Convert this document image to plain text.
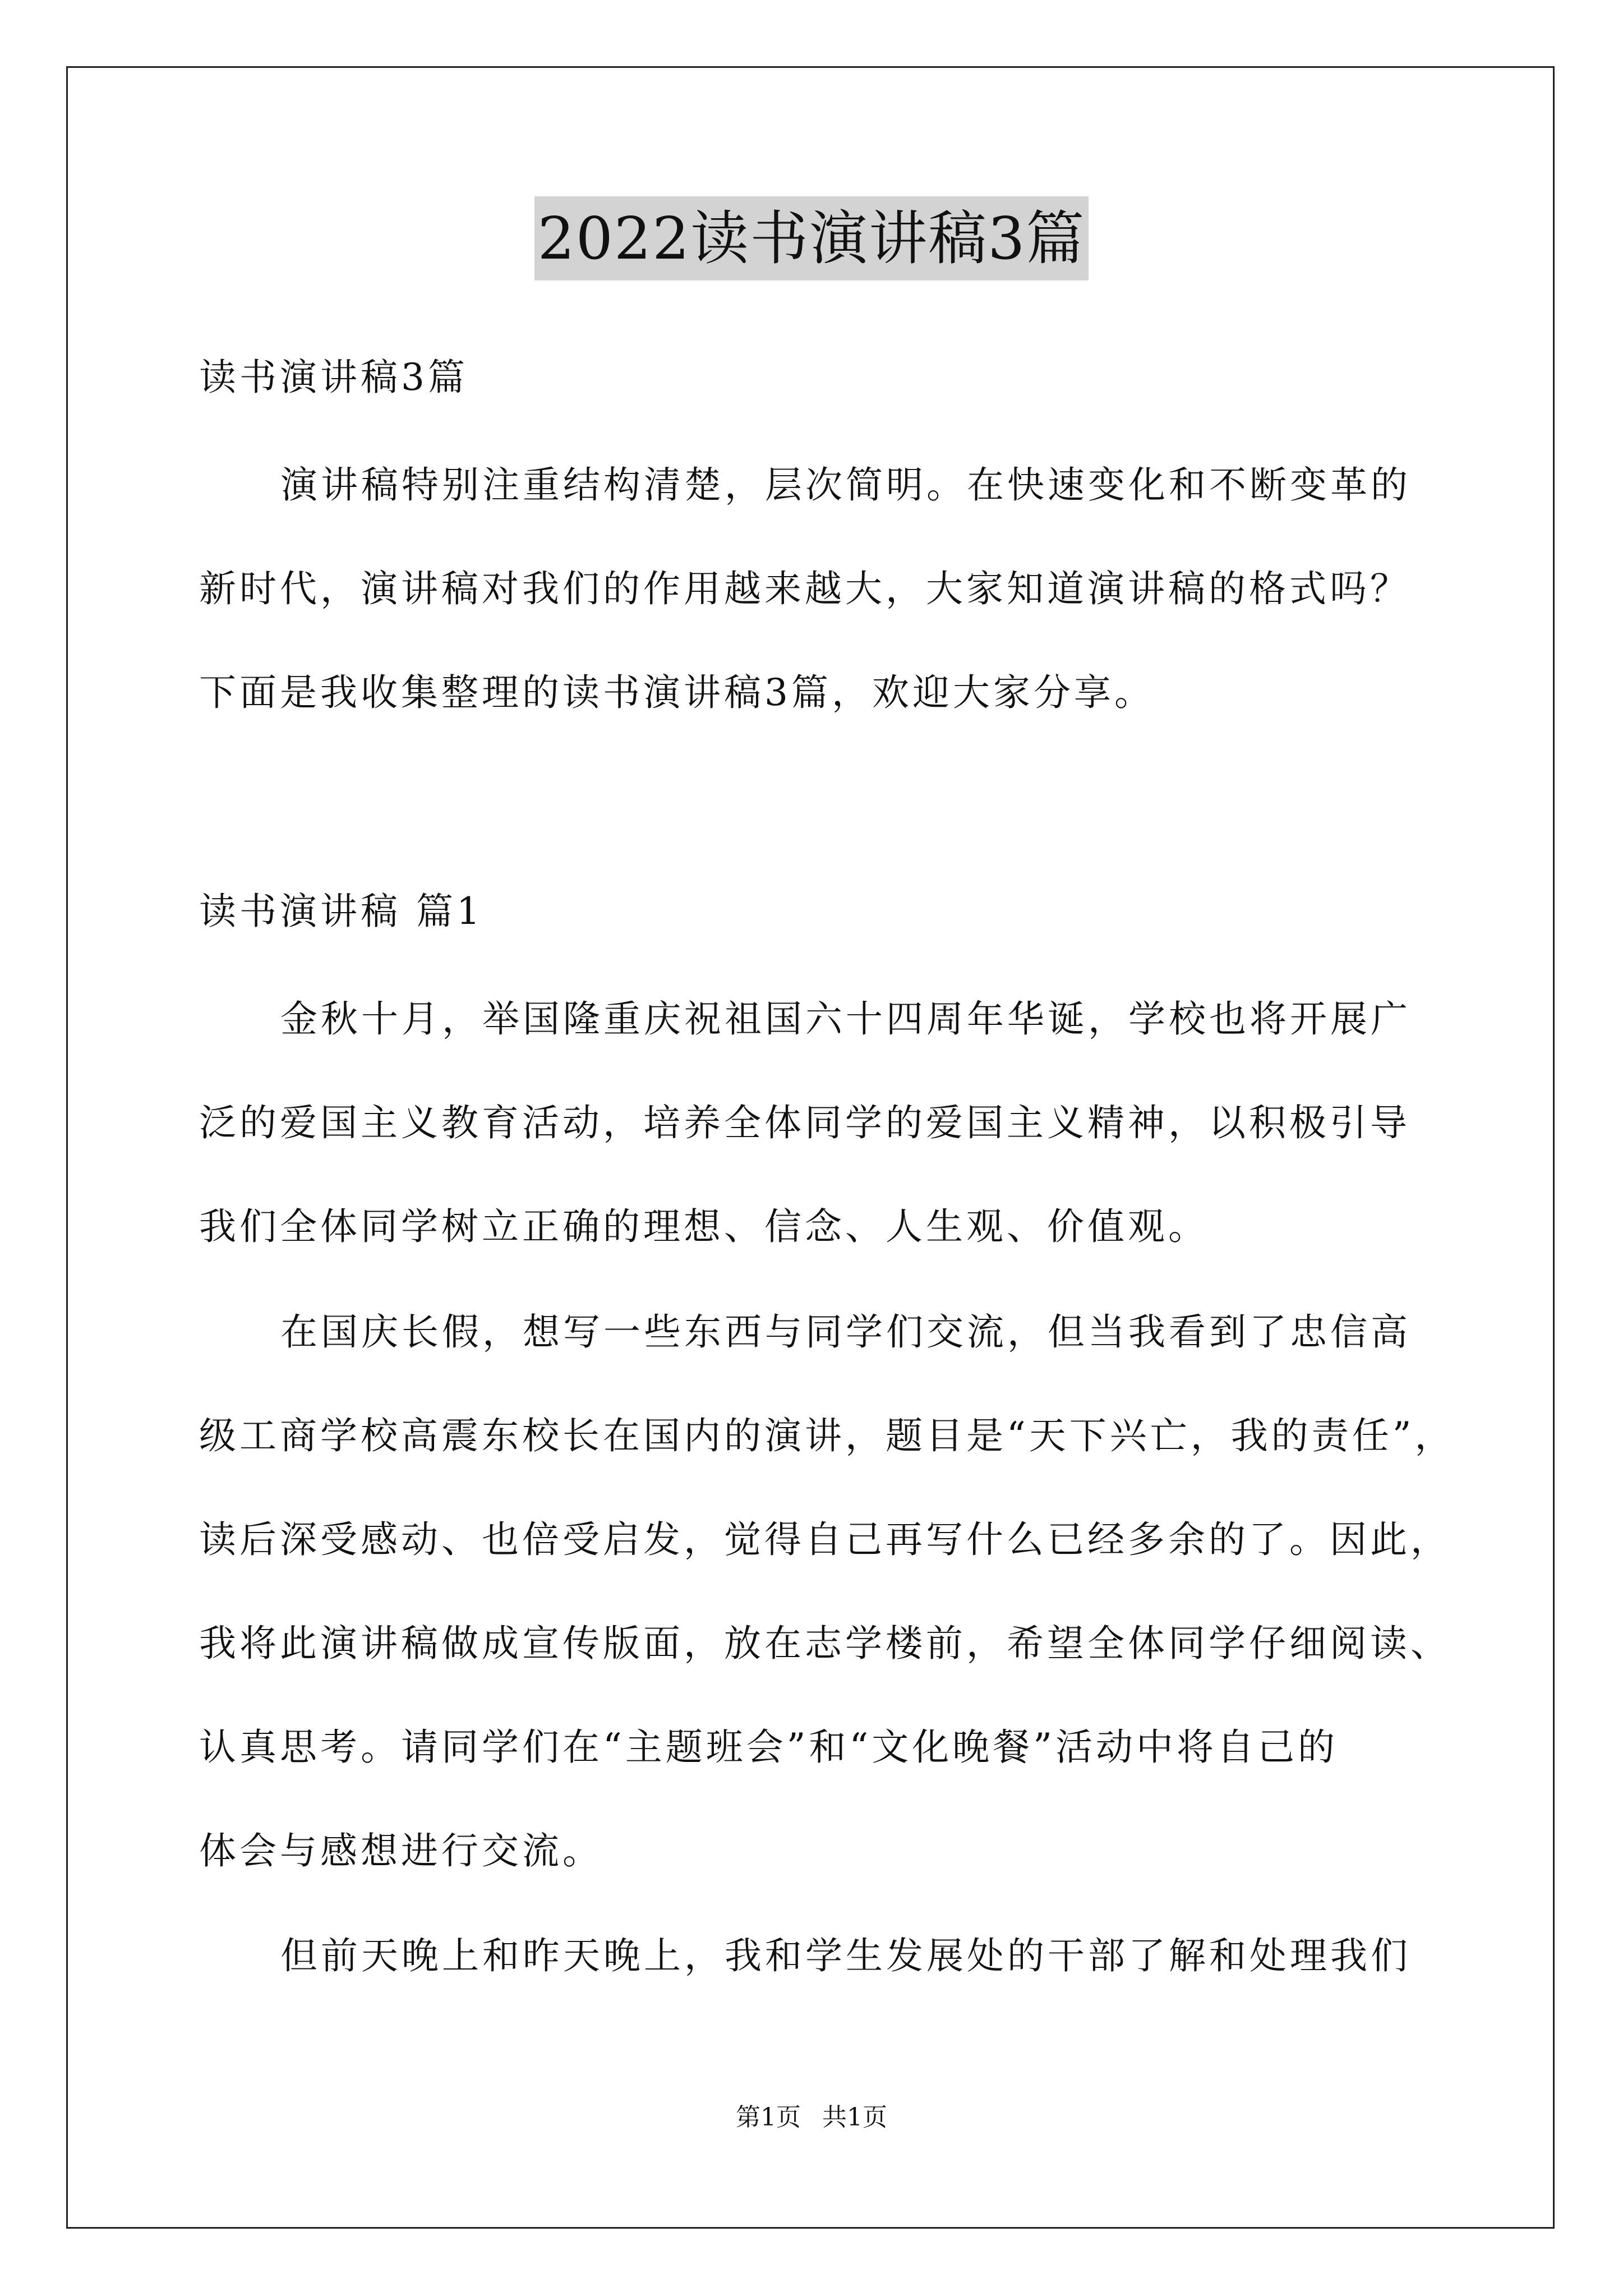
2022读书演讲稿3篇
读书演讲稿3篇
演讲稿特别注重结构清楚，层次简明。在快速变化和不断变革的
新时代，演讲稿对我们的作用越来越大，大家知道演讲稿的格式吗？
下面是我收集整理的读书演讲稿3篇，欢迎大家分享。
读书演讲稿 篇1
金秋十月，举国隆重庆祝祖国六十四周年华诞，学校也将开展广
泛的爱国主义教育活动，培养全体同学的爱国主义精神，以积极引导
我们全体同学树立正确的理想、信念、人生观、价值观。
在国庆长假，想写一些东西与同学们交流，但当我看到了忠信高
级工商学校高震东校长在国内的演讲，题目是“天下兴亡，我的责任”，
读后深受感动、也倍受启发，觉得自己再写什么已经多余的了。因此，
我将此演讲稿做成宣传版面，放在志学楼前，希望全体同学仔细阅读、
认真思考。请同学们在“主题班会”和“文化晚餐”活动中将自己的
体会与感想进行交流。
但前天晚上和昨天晚上，我和学生发展处的干部了解和处理我们
第1页 共1页
